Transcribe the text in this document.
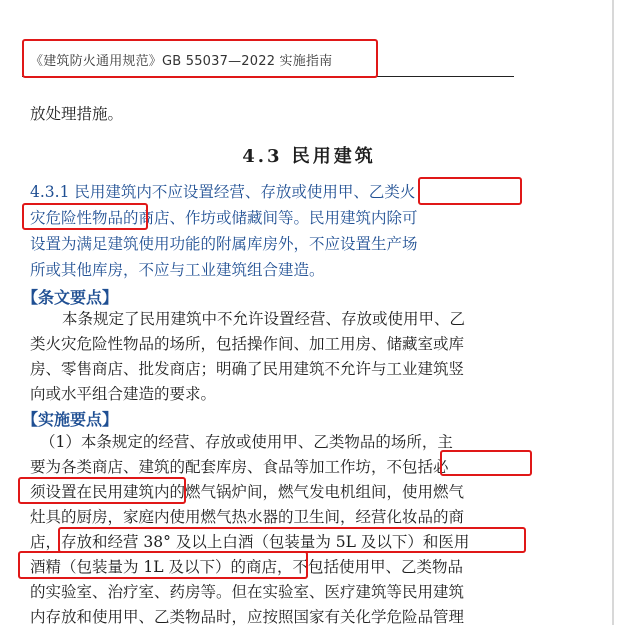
《建筑防火通用规范》GB 55037—2022 实施指南
放处理措施。
4.3 民用建筑
4.3.1 民用建筑内不应设置经营、存放或使用甲、乙类火
灾危险性物品的商店、作坊或储藏间等。民用建筑内除可
设置为满足建筑使用功能的附属库房外，不应设置生产场
所或其他库房，不应与工业建筑组合建造。
【条文要点】
本条规定了民用建筑中不允许设置经营、存放或使用甲、乙
类火灾危险性物品的场所，包括操作间、加工用房、储藏室或库
房、零售商店、批发商店；明确了民用建筑不允许与工业建筑竖
向或水平组合建造的要求。
【实施要点】
（1）本条规定的经营、存放或使用甲、乙类物品的场所，主
要为各类商店、建筑的配套库房、食品等加工作坊，不包括必
须设置在民用建筑内的燃气锅炉间，燃气发电机组间，使用燃气
灶具的厨房，家庭内使用燃气热水器的卫生间，经营化妆品的商
店，存放和经营 38° 及以上白酒（包装量为 5L 及以下）和医用
酒精（包装量为 1L 及以下）的商店，不包括使用甲、乙类物品
的实验室、治疗室、药房等。但在实验室、医疗建筑等民用建筑
内存放和使用甲、乙类物品时，应按照国家有关化学危险品管理
